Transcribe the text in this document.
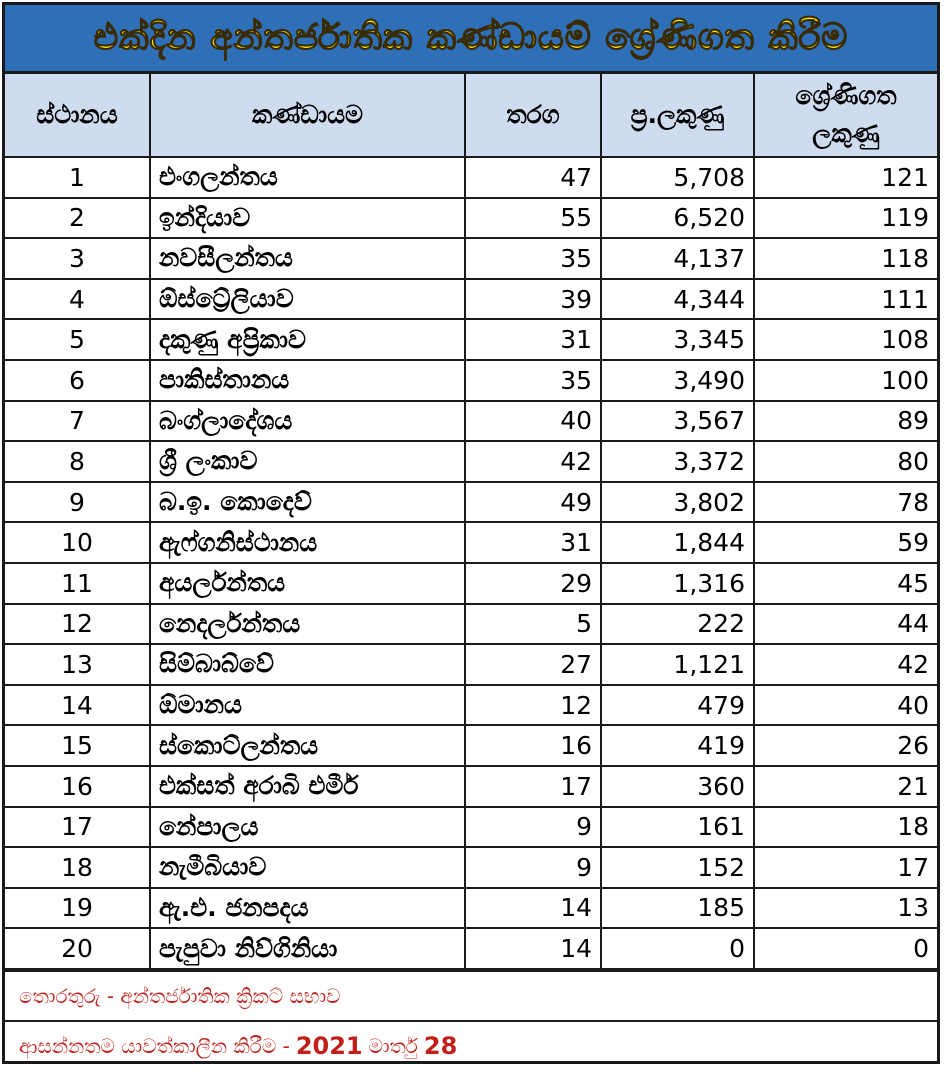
එක්දින අන්තර්ජාතික කණ්ඩායම් ශ්‍රේණිගත කිරීම
ස්ථානය	කණ්ඩායම	තරග	ප්‍ර.ලකුණු	ශ්‍රේණිගත ලකුණු
1	එංගලන්තය	47	5,708	121
2	ඉන්දියාව	55	6,520	119
3	නවසීලන්තය	35	4,137	118
4	ඕස්ට්‍රේලියාව	39	4,344	111
5	දකුණු අප්‍රිකාව	31	3,345	108
6	පාකිස්තානය	35	3,490	100
7	බංග්ලාදේශය	40	3,567	89
8	ශ්‍රී ලංකාව	42	3,372	80
9	බ.ඉ. කොදෙව්	49	3,802	78
10	ඇෆ්ගනිස්ථානය	31	1,844	59
11	අයර්ලන්තය	29	1,316	45
12	නෙදර්ලන්තය	5	222	44
13	සිම්බාබ්වේ	27	1,121	42
14	ඕමානය	12	479	40
15	ස්කොට්ලන්තය	16	419	26
16	එක්සත් අරාබි එමීර්	17	360	21
17	නේපාලය	9	161	18
18	නැමීබියාව	9	152	17
19	ඇ.එ. ජනපදය	14	185	13
20	පැපුවා නිව්ගිනියා	14	0	0
තොරතුරු - අන්තර්ජාතික ක්‍රිකට් සභාව
ආසන්නතම යාවත්කාලීන කිරීම - 2021 මාර්තු 28
